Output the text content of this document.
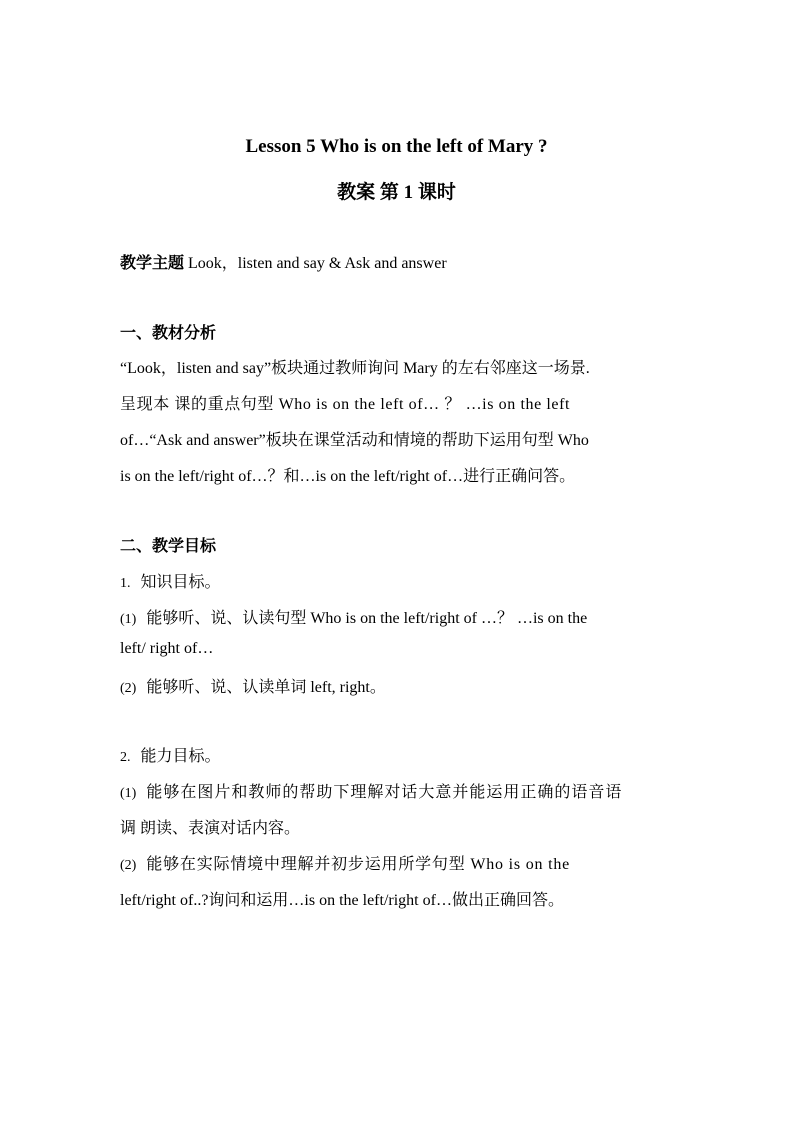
Lesson 5 Who is on the left of Mary ?
教案 第 1 课时
教学主题 Look，listen and say & Ask and answer
一、教材分析
“Look，listen and say”板块通过教师询问 Mary 的左右邻座这一场景.
呈现本 课的重点句型 Who is on the left of… ？ …is on the left
of…“Ask and answer”板块在课堂活动和情境的帮助下运用句型 Who
is on the left/right of…？和…is on the left/right of…进行正确问答。
二、教学目标
1. 知识目标。
(1) 能够听、说、认读句型 Who is on the left/right of …？ …is on the
left/ right of…
(2) 能够听、说、认读单词 left, right。
2. 能力目标。
(1) 能够在图片和教师的帮助下理解对话大意并能运用正确的语音语
调 朗读、表演对话内容。
(2) 能够在实际情境中理解并初步运用所学句型 Who is on the
left/right of..?询问和运用…is on the left/right of…做出正确回答。
